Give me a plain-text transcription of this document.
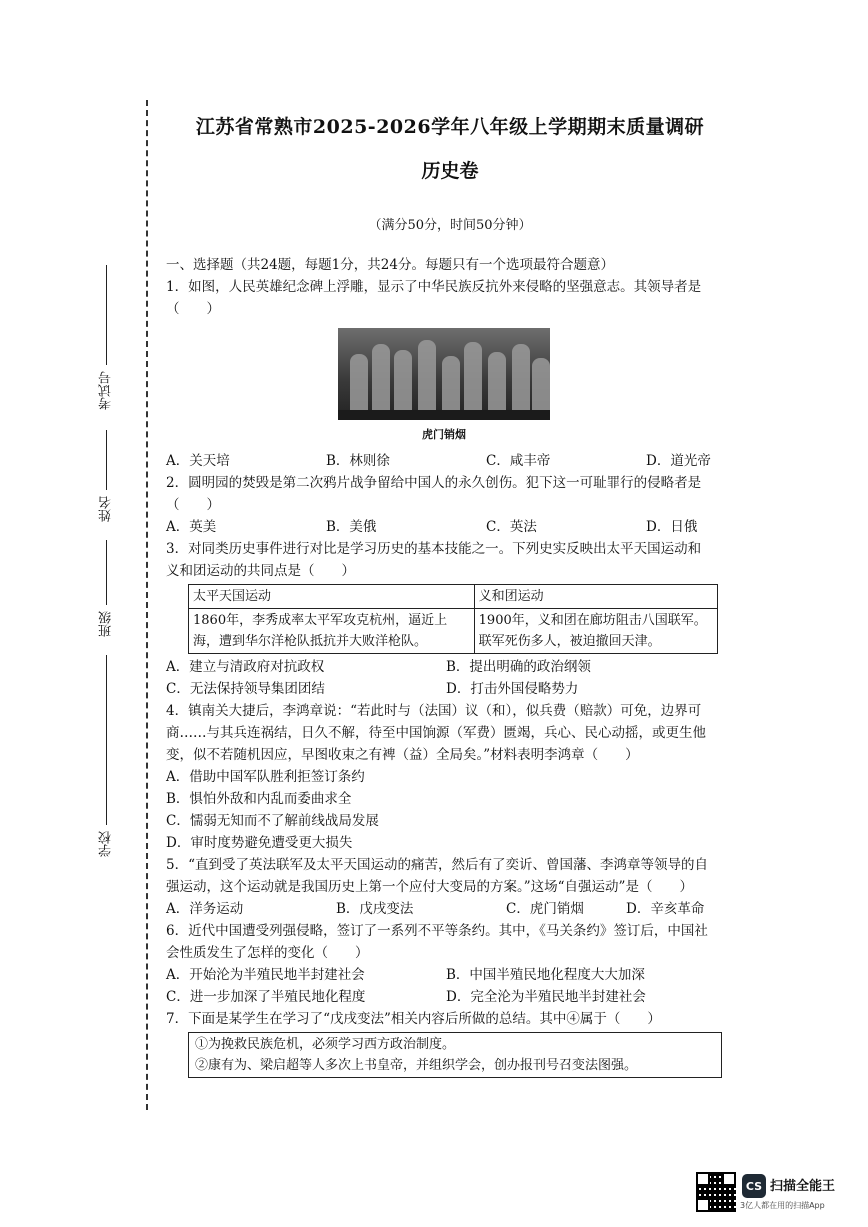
考试号
姓名
班级
学校
江苏省常熟市2025-2026学年八年级上学期期末质量调研
历史卷
（满分50分，时间50分钟）

一、选择题（共24题，每题1分，共24分。每题只有一个选项最符合题意）

1．如图，人民英雄纪念碑上浮雕，显示了中华民族反抗外来侵略的坚强意志。其领导者是

（　　）

虎门销烟
A．关天培	B．林则徐	C．咸丰帝	D．道光帝

2．圆明园的焚毁是第二次鸦片战争留给中国人的永久创伤。犯下这一可耻罪行的侵略者是

（　　）

A．英美	B．美俄	C．英法	D．日俄

3．对同类历史事件进行对比是学习历史的基本技能之一。下列史实反映出太平天国运动和

义和团运动的共同点是（　　）

太平天国运动	义和团运动
1860年，李秀成率太平军攻克杭州，逼近上海，遭到华尔洋枪队抵抗并大败洋枪队。	1900年，义和团在廊坊阻击八国联军。联军死伤多人，被迫撤回天津。
A．建立与清政府对抗政权	B．提出明确的政治纲领
C．无法保持领导集团团结	D．打击外国侵略势力

4．镇南关大捷后，李鸿章说：“若此时与（法国）议（和），似兵费（赔款）可免，边界可

商……与其兵连祸结，日久不解，待至中国饷源（军费）匮竭，兵心、民心动摇，或更生他

变，似不若随机因应，早图收束之有裨（益）全局矣。”材料表明李鸿章（　　）

A．借助中国军队胜利拒签订条约

B．惧怕外敌和内乱而委曲求全

C．懦弱无知而不了解前线战局发展

D．审时度势避免遭受更大损失

5．“直到受了英法联军及太平天国运动的痛苦，然后有了奕䜣、曾国藩、李鸿章等领导的自

强运动，这个运动就是我国历史上第一个应付大变局的方案。”这场“自强运动”是（　　）

A．洋务运动	B．戊戌变法	C．虎门销烟	D．辛亥革命

6．近代中国遭受列强侵略，签订了一系列不平等条约。其中，《马关条约》签订后，中国社

会性质发生了怎样的变化（　　）

A．开始沦为半殖民地半封建社会	B．中国半殖民地化程度大大加深
C．进一步加深了半殖民地化程度	D．完全沦为半殖民地半封建社会

7．下面是某学生在学习了“戊戌变法”相关内容后所做的总结。其中④属于（　　）

①为挽救民族危机，必须学习西方政治制度。
②康有为、梁启超等人多次上书皇帝，并组织学会，创办报刊号召变法图强。
CS 扫描全能王
3亿人都在用的扫描App
